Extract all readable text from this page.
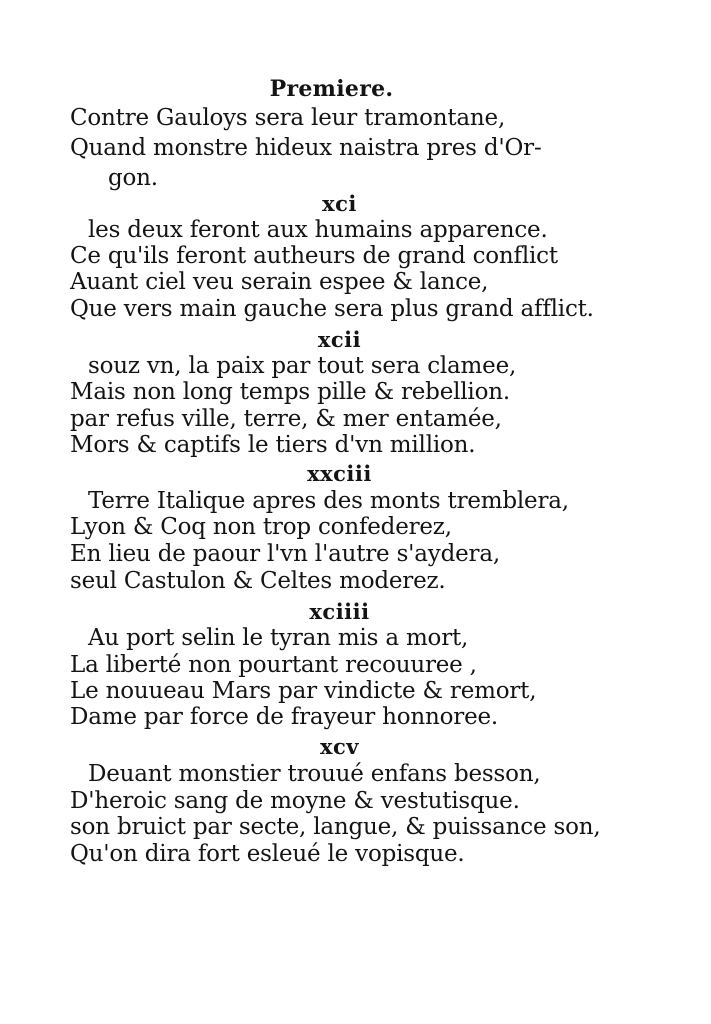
Premiere.
Contre Gauloys sera leur tramontane,
Quand monstre hideux naistra pres d'Or-
gon.
xci
les deux feront aux humains apparence.
Ce qu'ils feront autheurs de grand conflict
Auant ciel veu serain espee & lance,
Que vers main gauche sera plus grand afflict.
xcii
souz vn, la paix par tout sera clamee,
Mais non long temps pille & rebellion.
par refus ville, terre, & mer entamée,
Mors & captifs le tiers d'vn million.
xxciii
Terre Italique apres des monts tremblera,
Lyon & Coq non trop confederez,
En lieu de paour l'vn l'autre s'aydera,
seul Castulon & Celtes moderez.
xciiii
Au port selin le tyran mis a mort,
La liberté non pourtant recouuree ,
Le nouueau Mars par vindicte & remort,
Dame par force de frayeur honnoree.
xcv
Deuant monstier trouué enfans besson,
D'heroic sang de moyne & vestutisque.
son bruict par secte, langue, & puissance son,
Qu'on dira fort esleué le vopisque.
